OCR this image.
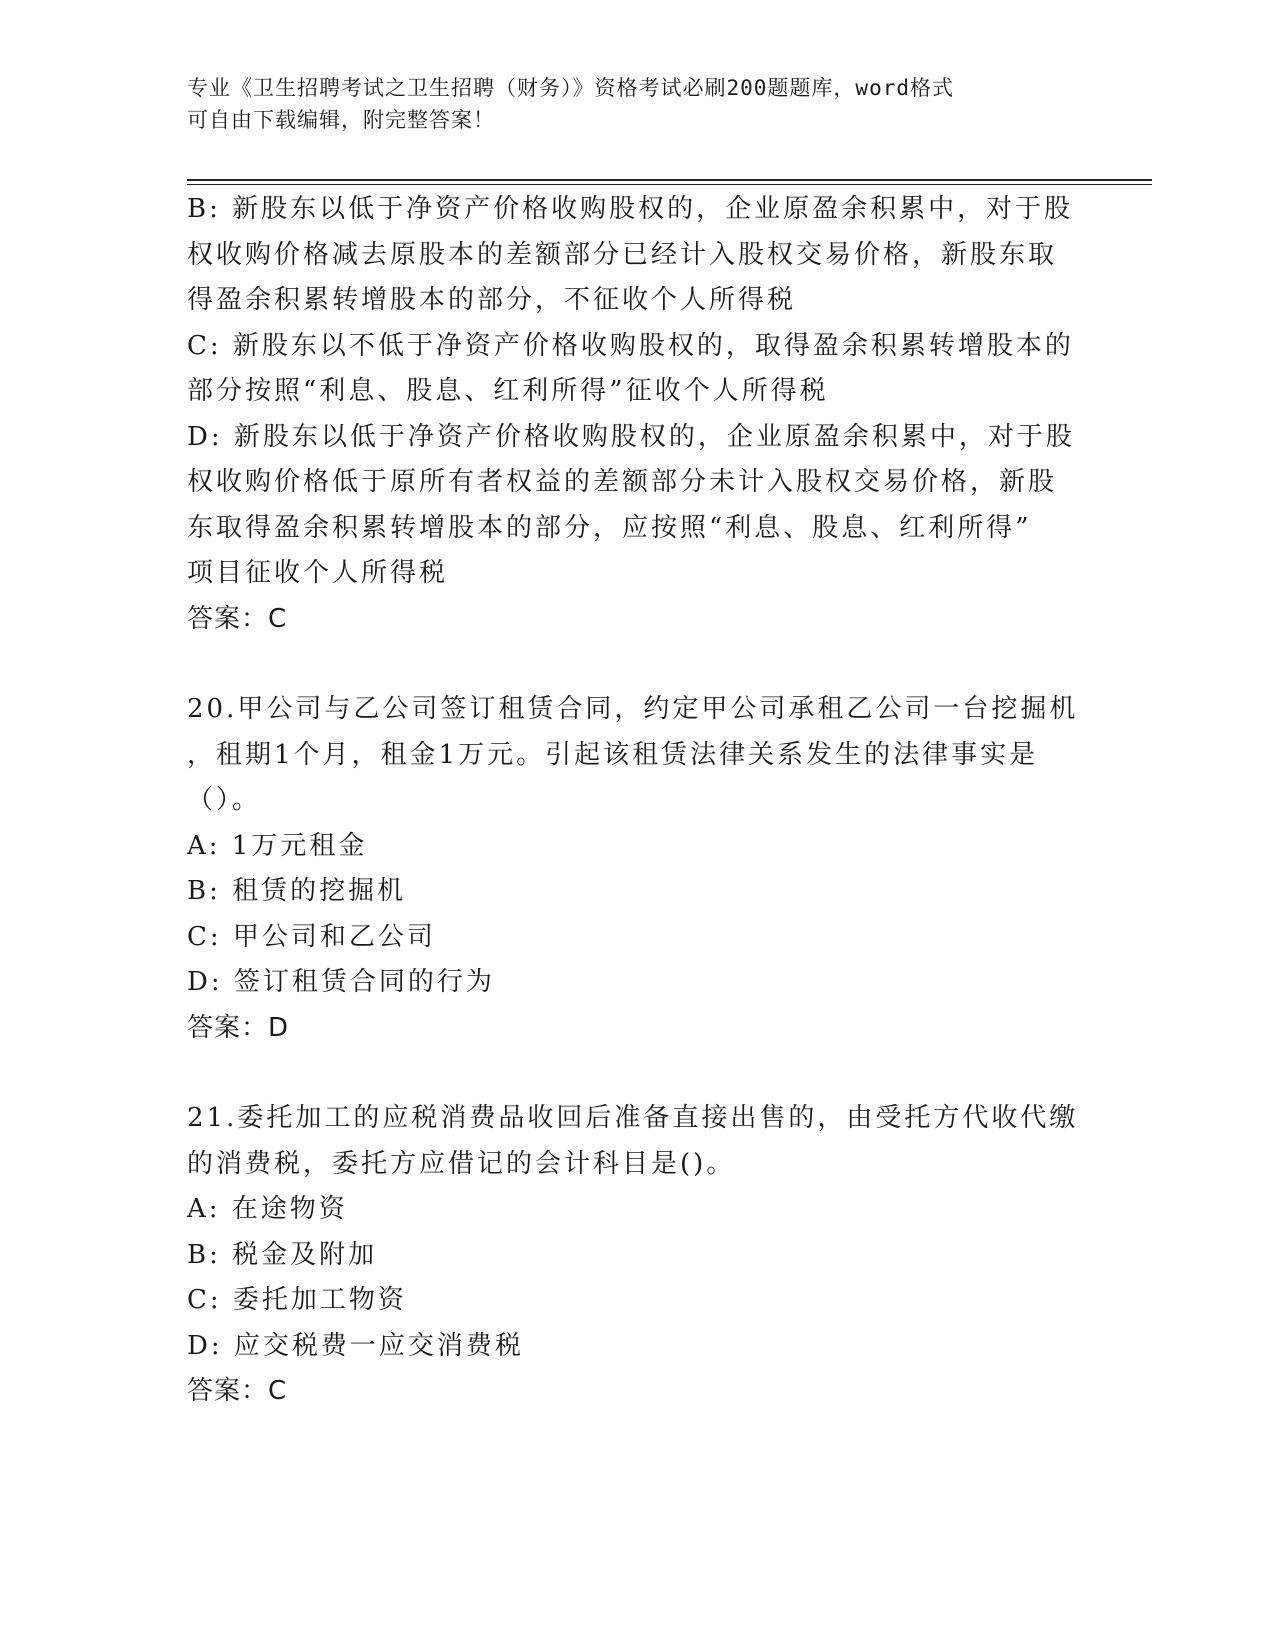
专业《卫生招聘考试之卫生招聘（财务）》资格考试必刷200题题库，word格式
可自由下载编辑，附完整答案！
B: 新股东以低于净资产价格收购股权的，企业原盈余积累中，对于股
权收购价格减去原股本的差额部分已经计入股权交易价格，新股东取
得盈余积累转增股本的部分，不征收个人所得税
C: 新股东以不低于净资产价格收购股权的，取得盈余积累转增股本的
部分按照“利息、股息、红利所得”征收个人所得税
D: 新股东以低于净资产价格收购股权的，企业原盈余积累中，对于股
权收购价格低于原所有者权益的差额部分未计入股权交易价格，新股
东取得盈余积累转增股本的部分，应按照“利息、股息、红利所得”
项目征收个人所得税
答案：C
20.甲公司与乙公司签订租赁合同，约定甲公司承租乙公司一台挖掘机
，租期1个月，租金1万元。引起该租赁法律关系发生的法律事实是
（）。
A: 1万元租金
B: 租赁的挖掘机
C: 甲公司和乙公司
D: 签订租赁合同的行为
答案：D
21.委托加工的应税消费品收回后准备直接出售的，由受托方代收代缴
的消费税，委托方应借记的会计科目是()。
A: 在途物资
B: 税金及附加
C: 委托加工物资
D: 应交税费一应交消费税
答案：C
